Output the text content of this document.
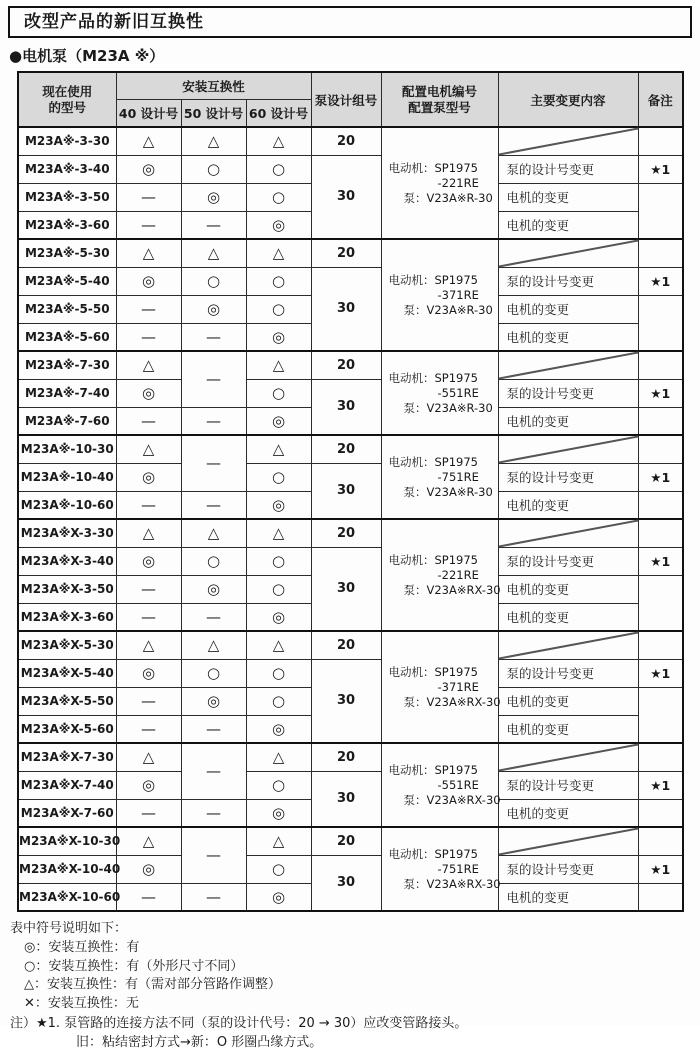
改型产品的新旧互换性
●电机泵（M23A ※）
现在使用
的型号
	安装互换性	泵设计组号	
配置电机编号
配置泵型号	主要变更内容	备注
	40 设计号	50 设计号	60 设计号				
M23A※-3-30	△	△	△	20	电动机：SP1975
-221RE
泵：V23A※R-30

M23A※-3-40	◎	○	○	30		泵的设计号变更	★1
M23A※-3-50	—	◎	○			电机的变更	
M23A※-3-60	—	—	◎			电机的变更	
M23A※-5-30	△	△	△	20	电动机：SP1975
-371RE
泵：V23A※R-30

M23A※-5-40	◎	○	○	30		泵的设计号变更	★1
M23A※-5-50	—	◎	○			电机的变更	
M23A※-5-60	—	—	◎			电机的变更	
M23A※-7-30	△	—	△	20	电动机：SP1975
-551RE
泵：V23A※R-30

M23A※-7-40	◎		○	30		泵的设计号变更	★1
M23A※-7-60	—	—	◎			电机的变更	
M23A※-10-30	△	—	△	20	电动机：SP1975
-751RE
泵：V23A※R-30

M23A※-10-40	◎		○	30		泵的设计号变更	★1
M23A※-10-60	—	—	◎			电机的变更	
M23A※X-3-30	△	△	△	20	电动机：SP1975
-221RE
泵：V23A※RX-30

M23A※X-3-40	◎	○	○	30		泵的设计号变更	★1
M23A※X-3-50	—	◎	○			电机的变更	
M23A※X-3-60	—	—	◎			电机的变更	
M23A※X-5-30	△	△	△	20	电动机：SP1975
-371RE
泵：V23A※RX-30

M23A※X-5-40	◎	○	○	30		泵的设计号变更	★1
M23A※X-5-50	—	◎	○			电机的变更	
M23A※X-5-60	—	—	◎			电机的变更	
M23A※X-7-30	△	—	△	20	电动机：SP1975
-551RE
泵：V23A※RX-30

M23A※X-7-40	◎		○	30		泵的设计号变更	★1
M23A※X-7-60	—	—	◎			电机的变更	
M23A※X-10-30	△	—	△	20	电动机：SP1975
-751RE
泵：V23A※RX-30

M23A※X-10-40	◎		○	30		泵的设计号变更	★1
M23A※X-10-60	—	—	◎			电机的变更	
表中符号说明如下：
◎：安装互换性：有
○：安装互换性：有（外形尺寸不同）
△：安装互换性：有（需对部分管路作调整）
✕：安装互换性：无
注）★1. 泵管路的连接方法不同（泵的设计代号：20 → 30）应改变管路接头。
旧：粘结密封方式→新：O 形圈凸缘方式。
